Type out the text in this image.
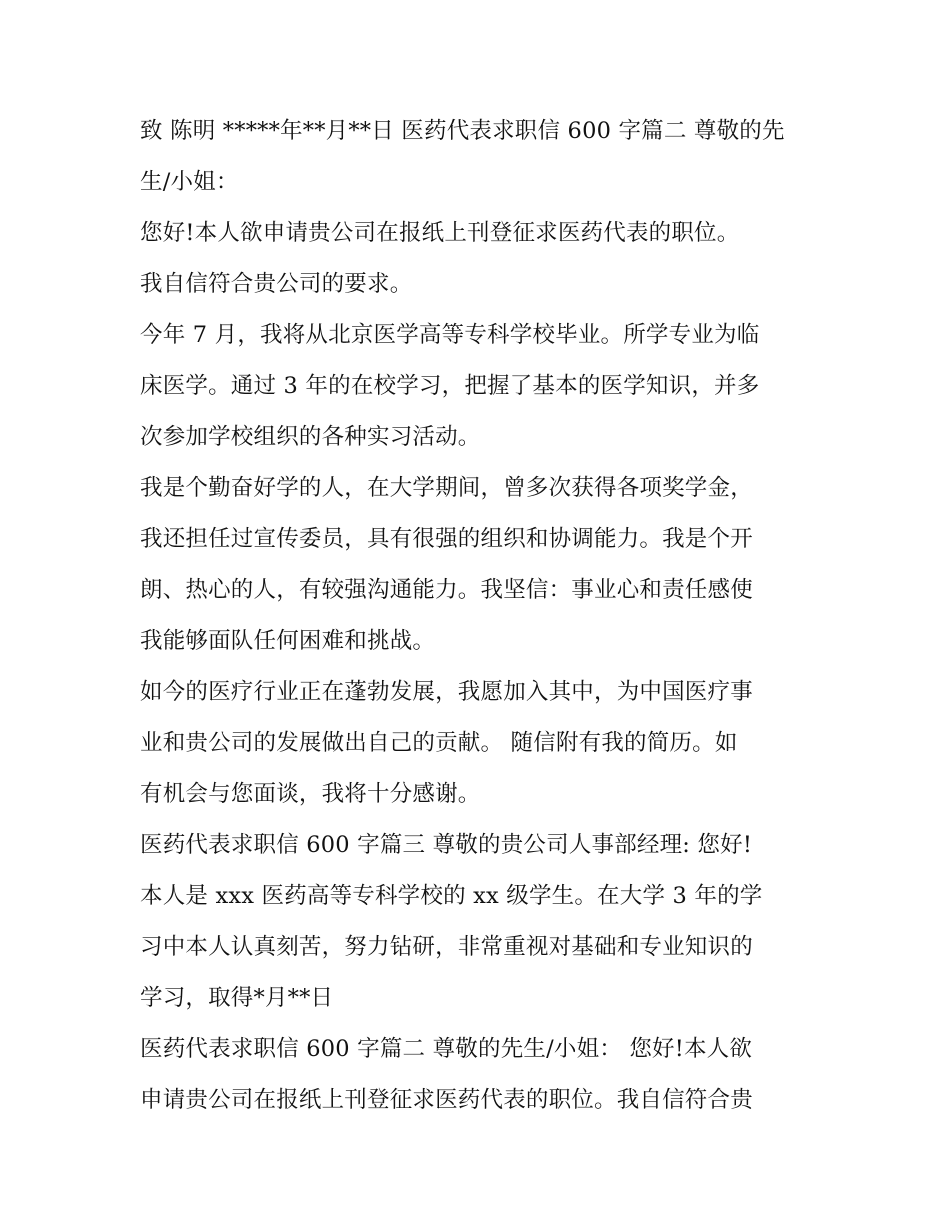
致 陈明 *****年**月**日 医药代表求职信 600 字篇二 尊敬的先
生/小姐：
您好!本人欲申请贵公司在报纸上刊登征求医药代表的职位。
我自信符合贵公司的要求。
今年 7 月，我将从北京医学高等专科学校毕业。所学专业为临
床医学。通过 3 年的在校学习，把握了基本的医学知识，并多
次参加学校组织的各种实习活动。
我是个勤奋好学的人，在大学期间，曾多次获得各项奖学金，
我还担任过宣传委员，具有很强的组织和协调能力。我是个开
朗、热心的人，有较强沟通能力。我坚信：事业心和责任感使
我能够面队任何困难和挑战。
如今的医疗行业正在蓬勃发展，我愿加入其中，为中国医疗事
业和贵公司的发展做出自己的贡献。 随信附有我的简历。如
有机会与您面谈，我将十分感谢。
医药代表求职信 600 字篇三 尊敬的贵公司人事部经理: 您好!
本人是 xxx 医药高等专科学校的 xx 级学生。在大学 3 年的学
习中本人认真刻苦，努力钻研，非常重视对基础和专业知识的
学习，取得*月**日
医药代表求职信 600 字篇二 尊敬的先生/小姐： 您好!本人欲
申请贵公司在报纸上刊登征求医药代表的职位。我自信符合贵
